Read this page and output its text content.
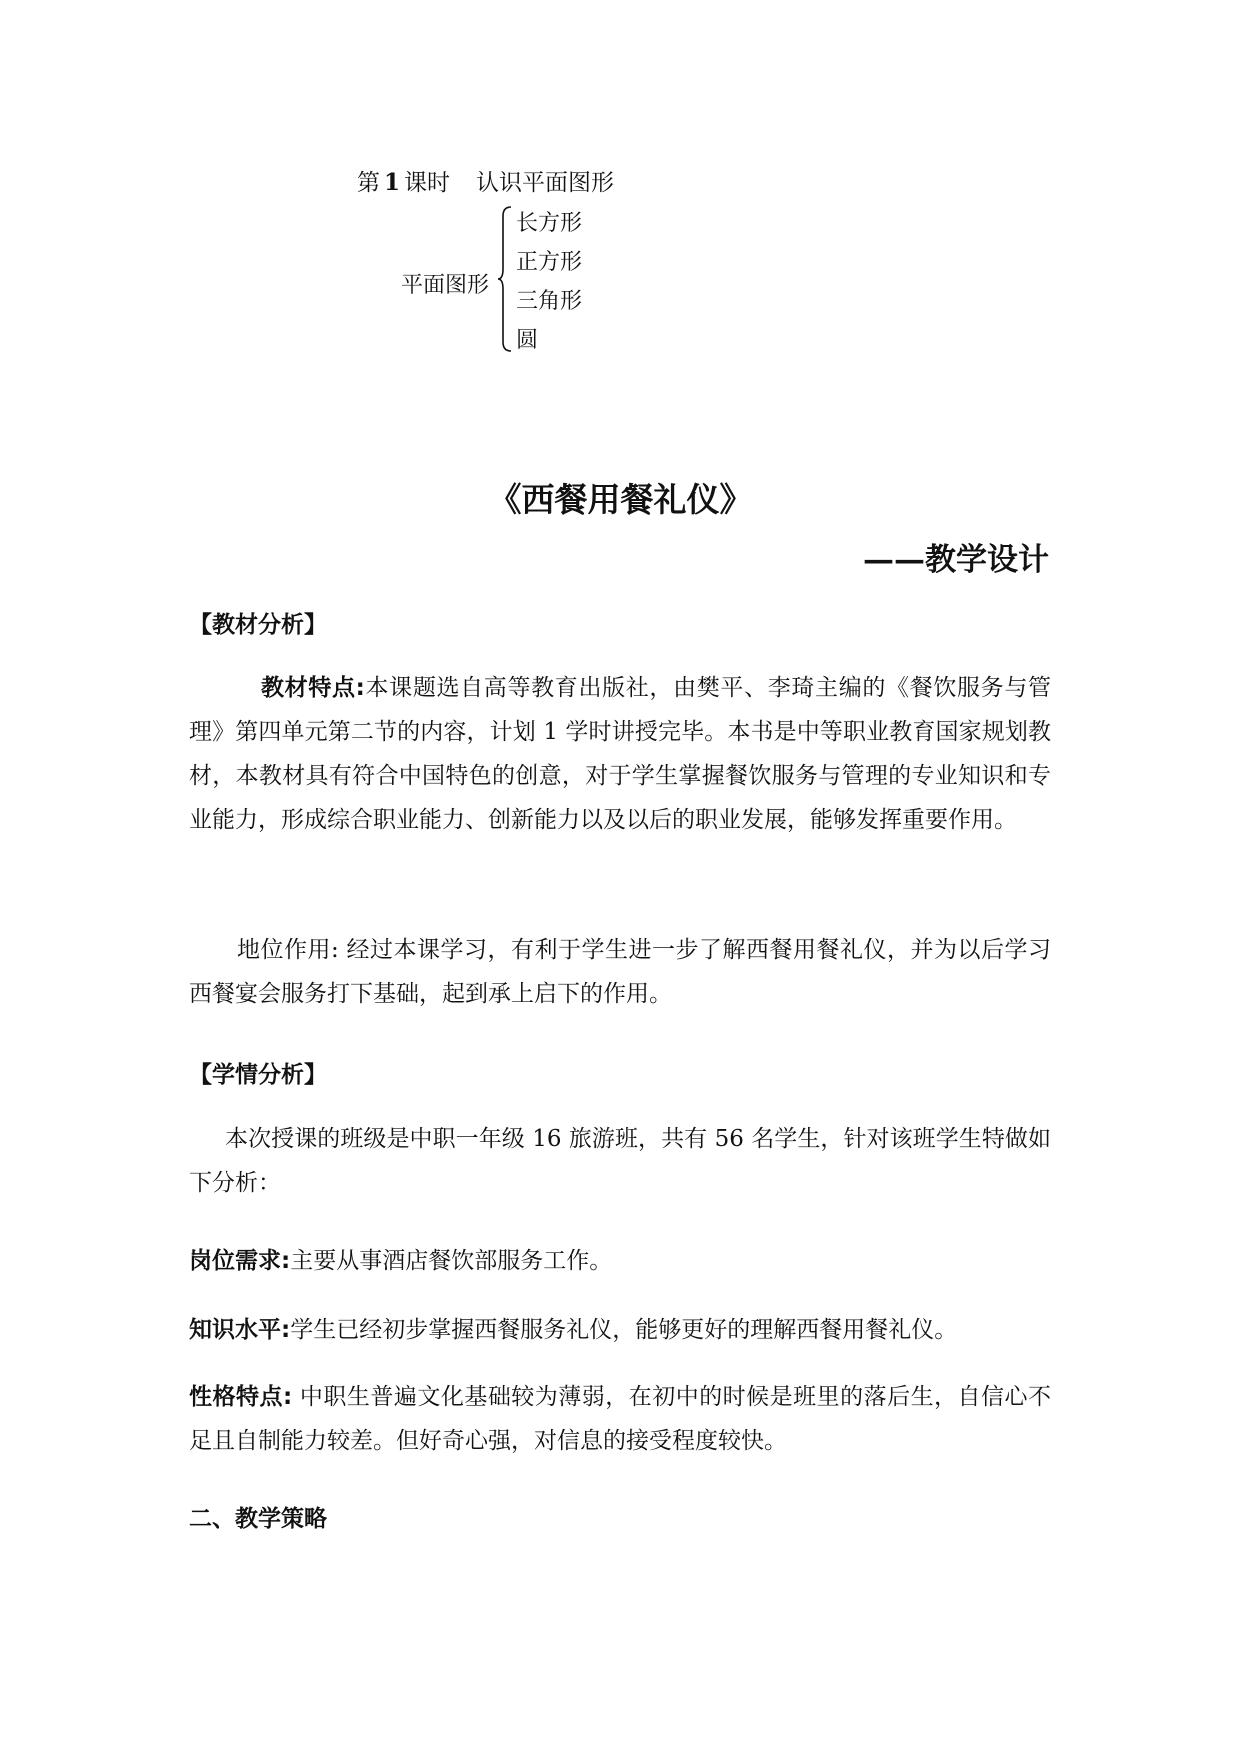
第 1 课时 认识平面图形
平面图形
长方形
正方形
三角形
圆
《西餐用餐礼仪》
——教学设计
【教材分析】
教材特点:本课题选自高等教育出版社，由樊平、李琦主编的《餐饮服务与管理》第四单元第二节的内容，计划 1 学时讲授完毕。本书是中等职业教育国家规划教材，本教材具有符合中国特色的创意，对于学生掌握餐饮服务与管理的专业知识和专业能力，形成综合职业能力、创新能力以及以后的职业发展，能够发挥重要作用。
地位作用: 经过本课学习，有利于学生进一步了解西餐用餐礼仪，并为以后学习西餐宴会服务打下基础，起到承上启下的作用。
【学情分析】
本次授课的班级是中职一年级 16 旅游班，共有 56 名学生，针对该班学生特做如下分析：
岗位需求:主要从事酒店餐饮部服务工作。
知识水平:学生已经初步掌握西餐服务礼仪，能够更好的理解西餐用餐礼仪。
性格特点: 中职生普遍文化基础较为薄弱，在初中的时候是班里的落后生，自信心不足且自制能力较差。但好奇心强，对信息的接受程度较快。
二、教学策略
